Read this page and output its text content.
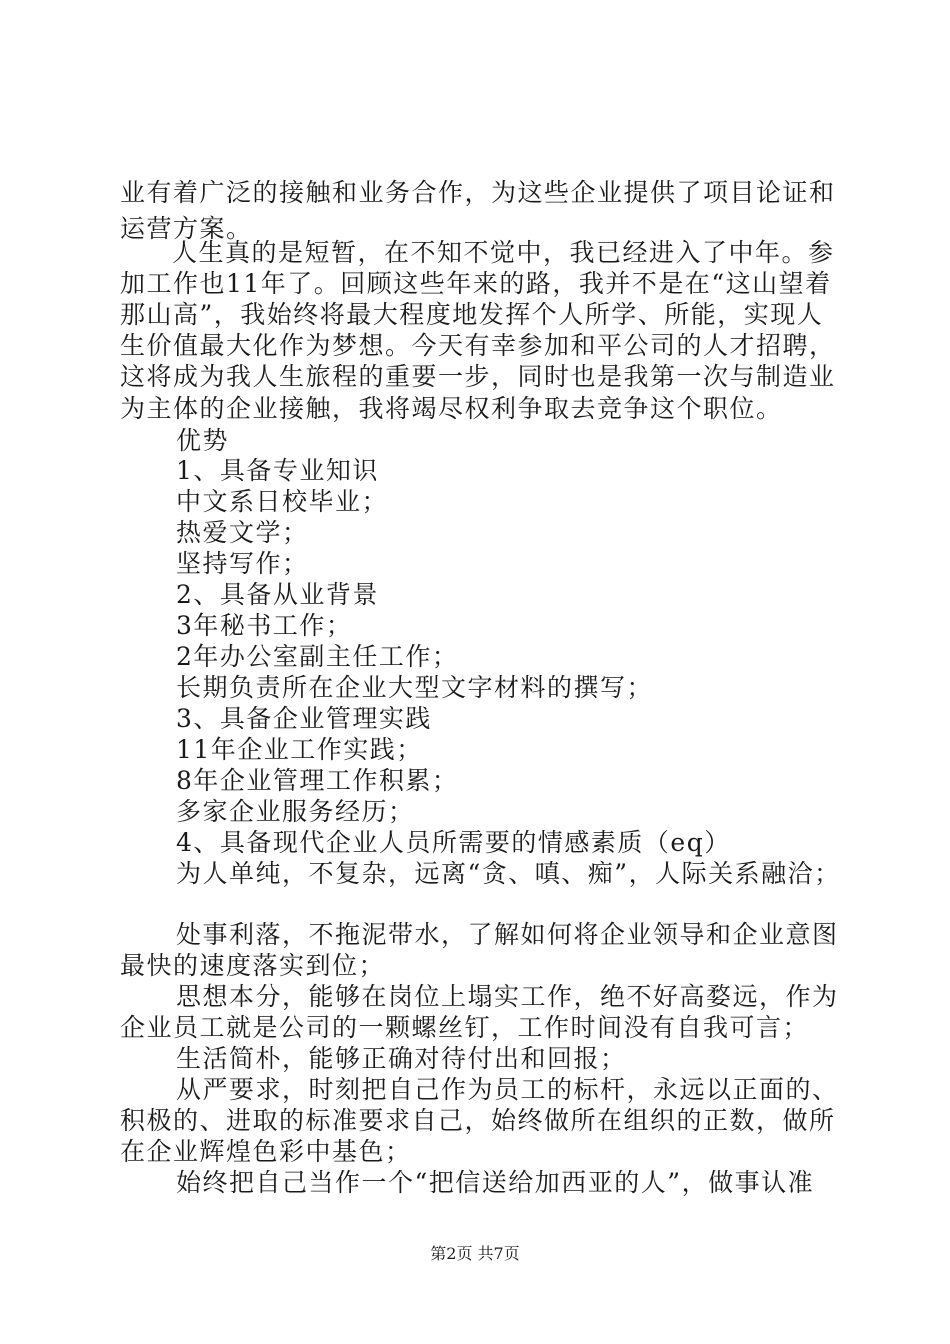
业有着广泛的接触和业务合作，为这些企业提供了项目论证和
运营方案。
人生真的是短暂，在不知不觉中，我已经进入了中年。参
加工作也11年了。回顾这些年来的路，我并不是在“这山望着
那山高”，我始终将最大程度地发挥个人所学、所能，实现人
生价值最大化作为梦想。今天有幸参加和平公司的人才招聘，
这将成为我人生旅程的重要一步，同时也是我第一次与制造业
为主体的企业接触，我将竭尽权利争取去竞争这个职位。
优势
1、具备专业知识
中文系日校毕业；
热爱文学；
坚持写作；
2、具备从业背景
3年秘书工作；
2年办公室副主任工作；
长期负责所在企业大型文字材料的撰写；
3、具备企业管理实践
11年企业工作实践；
8年企业管理工作积累；
多家企业服务经历；
4、具备现代企业人员所需要的情感素质（eq）
为人单纯，不复杂，远离“贪、嗔、痴”，人际关系融洽；
处事利落，不拖泥带水，了解如何将企业领导和企业意图
最快的速度落实到位；
思想本分，能够在岗位上塌实工作，绝不好高婺远，作为
企业员工就是公司的一颗螺丝钉，工作时间没有自我可言；
生活简朴，能够正确对待付出和回报；
从严要求，时刻把自己作为员工的标杆，永远以正面的、
积极的、进取的标准要求自己，始终做所在组织的正数，做所
在企业辉煌色彩中基色；
始终把自己当作一个“把信送给加西亚的人”，做事认准
第2页 共7页
